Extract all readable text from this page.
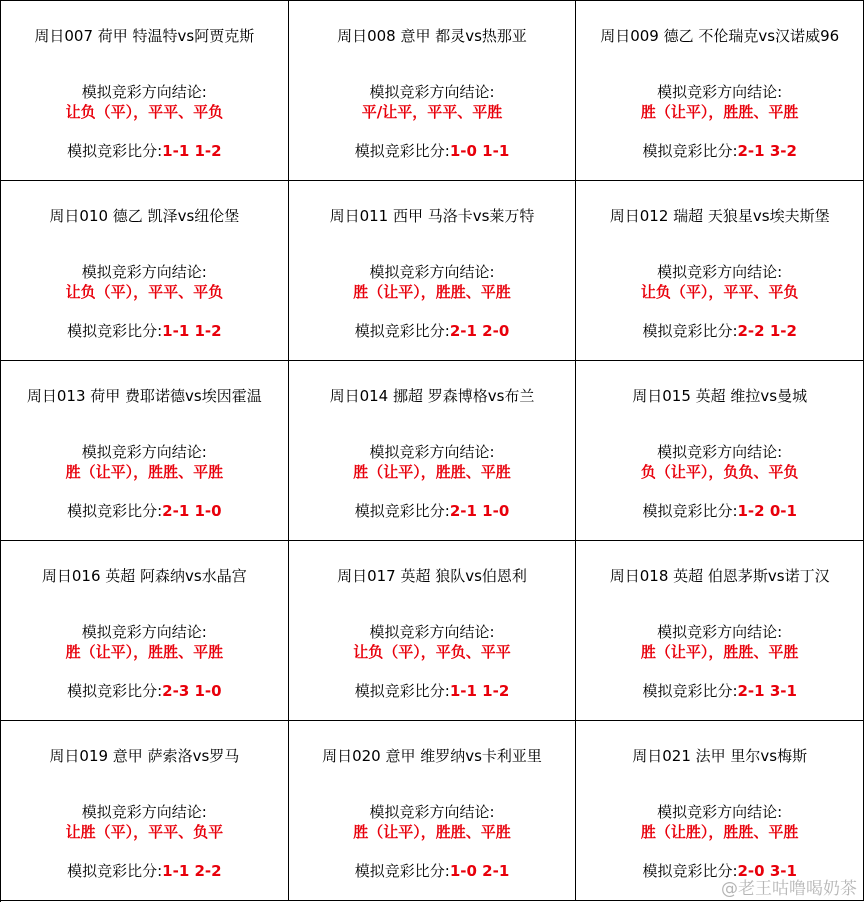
周日007 荷甲 特温特vs阿贾克斯
模拟竞彩方向结论:
让负（平），平平、平负
模拟竞彩比分:1-1 1-2
周日008 意甲 都灵vs热那亚
模拟竞彩方向结论:
平/让平，平平、平胜
模拟竞彩比分:1-0 1-1
周日009 德乙 不伦瑞克vs汉诺威96
模拟竞彩方向结论:
胜（让平），胜胜、平胜
模拟竞彩比分:2-1 3-2
周日010 德乙 凯泽vs纽伦堡
模拟竞彩方向结论:
让负（平），平平、平负
模拟竞彩比分:1-1 1-2
周日011 西甲 马洛卡vs莱万特
模拟竞彩方向结论:
胜（让平），胜胜、平胜
模拟竞彩比分:2-1 2-0
周日012 瑞超 天狼星vs埃夫斯堡
模拟竞彩方向结论:
让负（平），平平、平负
模拟竞彩比分:2-2 1-2
周日013 荷甲 费耶诺德vs埃因霍温
模拟竞彩方向结论:
胜（让平），胜胜、平胜
模拟竞彩比分:2-1 1-0
周日014 挪超 罗森博格vs布兰
模拟竞彩方向结论:
胜（让平），胜胜、平胜
模拟竞彩比分:2-1 1-0
周日015 英超 维拉vs曼城
模拟竞彩方向结论:
负（让平），负负、平负
模拟竞彩比分:1-2 0-1
周日016 英超 阿森纳vs水晶宫
模拟竞彩方向结论:
胜（让平），胜胜、平胜
模拟竞彩比分:2-3 1-0
周日017 英超 狼队vs伯恩利
模拟竞彩方向结论:
让负（平），平负、平平
模拟竞彩比分:1-1 1-2
周日018 英超 伯恩茅斯vs诺丁汉
模拟竞彩方向结论:
胜（让平），胜胜、平胜
模拟竞彩比分:2-1 3-1
周日019 意甲 萨索洛vs罗马
模拟竞彩方向结论:
让胜（平），平平、负平
模拟竞彩比分:1-1 2-2
周日020 意甲 维罗纳vs卡利亚里
模拟竞彩方向结论:
胜（让平），胜胜、平胜
模拟竞彩比分:1-0 2-1
周日021 法甲 里尔vs梅斯
模拟竞彩方向结论:
胜（让胜），胜胜、平胜
模拟竞彩比分:2-0 3-1
@老王咕噜喝奶茶
